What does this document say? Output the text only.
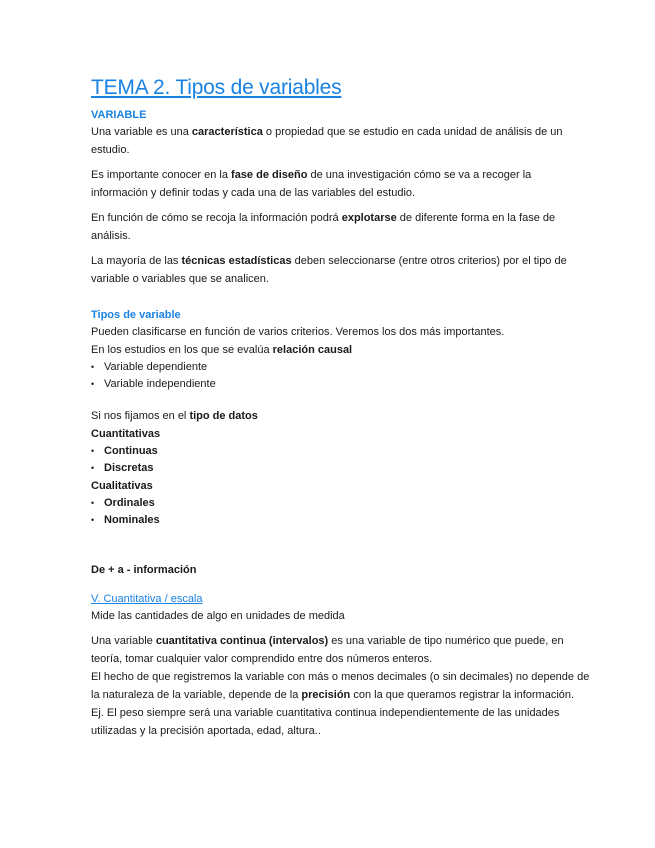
TEMA 2. Tipos de variables
VARIABLE

Una variable es una característica o propiedad que se estudio en cada unidad de análisis de un estudio.

Es importante conocer en la fase de diseño de una investigación cómo se va a recoger la información y definir todas y cada una de las variables del estudio.

En función de cómo se recoja la información podrá explotarse de diferente forma en la fase de análisis.

La mayoría de las técnicas estadísticas deben seleccionarse (entre otros criterios) por el tipo de variable o variables que se analicen.

Tipos de variable

Pueden clasificarse en función de varios criterios. Veremos los dos más importantes.

En los estudios en los que se evalúa relación causal

• Variable dependiente
• Variable independiente

Si nos fijamos en el tipo de datos

Cuantitativas

• Continuas
• Discretas

Cualitativas

• Ordinales
• Nominales

De + a - información

V. Cuantitativa / escala

Mide las cantidades de algo en unidades de medida

Una variable cuantitativa continua (intervalos) es una variable de tipo numérico que puede, en teoría, tomar cualquier valor comprendido entre dos números enteros.

El hecho de que registremos la variable con más o menos decimales (o sin decimales) no depende de la naturaleza de la variable, depende de la precisión con la que queramos registrar la información.

Ej. El peso siempre será una variable cuantitativa continua independientemente de las unidades utilizadas y la precisión aportada, edad, altura..
